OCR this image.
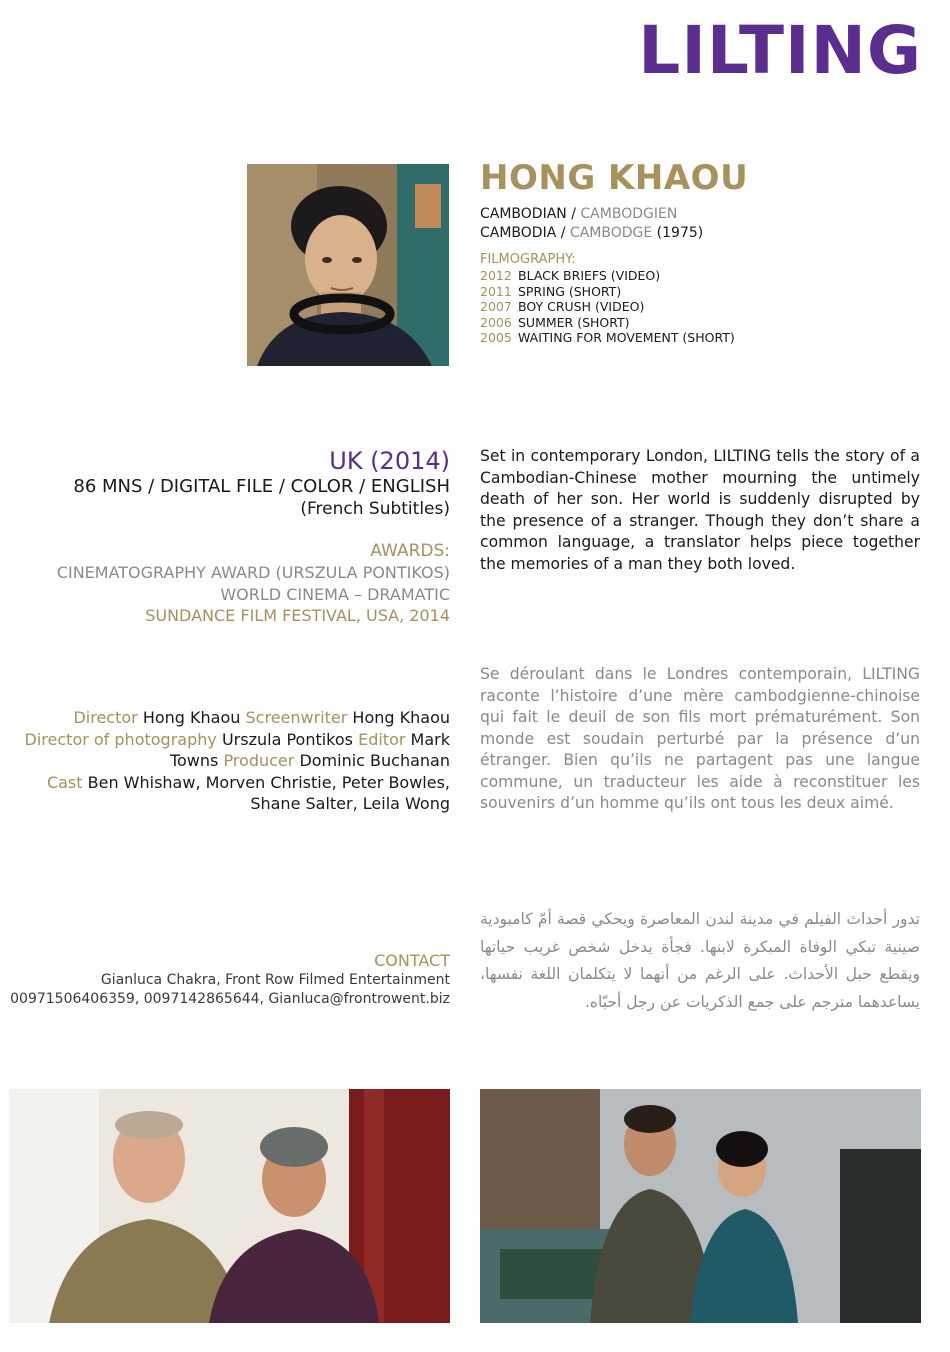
LILTING
HONG KHAOU
CAMBODIAN / CAMBODGIEN
CAMBODIA / CAMBODGE (1975)
FILMOGRAPHY:
2012 BLACK BRIEFS (VIDEO)
2011 SPRING (SHORT)
2007 BOY CRUSH (VIDEO)
2006 SUMMER (SHORT)
2005 WAITING FOR MOVEMENT (SHORT)
UK (2014)
86 MNS / DIGITAL FILE / COLOR / ENGLISH
(French Subtitles)
AWARDS:
CINEMATOGRAPHY AWARD (URSZULA PONTIKOS)
WORLD CINEMA – DRAMATIC
SUNDANCE FILM FESTIVAL, USA, 2014
Director Hong Khaou Screenwriter Hong Khaou
Director of photography Urszula Pontikos Editor Mark
Towns Producer Dominic Buchanan
Cast Ben Whishaw, Morven Christie, Peter Bowles,
Shane Salter, Leila Wong
CONTACT
Gianluca Chakra, Front Row Filmed Entertainment
00971506406359, 0097142865644, Gianluca@frontrowent.biz
Set in contemporary London, LILTING tells the story of a Cambodian-Chinese mother mourning the untimely death of her son. Her world is suddenly disrupted by the presence of a stranger. Though they don’t share a common language, a translator helps piece together the memories of a man they both loved.
Se déroulant dans le Londres contemporain, LILTING raconte l’histoire d’une mère cambodgienne-chinoise qui fait le deuil de son fils mort prématurément. Son monde est soudain perturbé par la présence d’un étranger. Bien qu’ils ne partagent pas une langue commune, un traducteur les aide à reconstituer les souvenirs d’un homme qu’ils ont tous les deux aimé.
تدور أحداث الفيلم في مدينة لندن المعاصرة ويحكي قصة أمّ كامبودية صينية تبكي الوفاة المبكرة لابنها. فجأة يدخل شخص غريب حياتها ويقطع حبل الأحداث. على الرغم من أنهما لا يتكلمان اللغة نفسها، يساعدهما مترجم على جمع الذكريات عن رجل أحبّاه.
